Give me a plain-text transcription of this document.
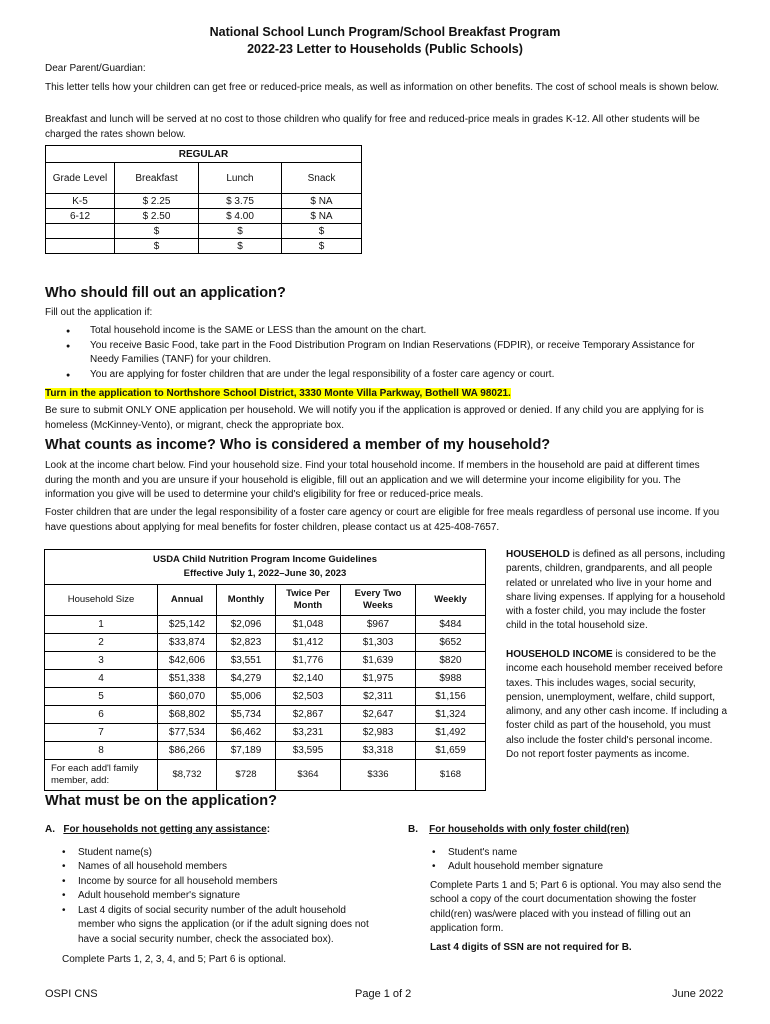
National School Lunch Program/School Breakfast Program
2022-23 Letter to Households (Public Schools)
Dear Parent/Guardian:
This letter tells how your children can get free or reduced-price meals, as well as information on other benefits. The cost of school meals is shown below.
Breakfast and lunch will be served at no cost to those children who qualify for free and reduced-price meals in grades K-12. All other students will be charged the rates shown below.
REGULAR			
Grade Level	Breakfast	Lunch	Snack
K-5	$ 2.25	$ 3.75	$ NA
6-12	$ 2.50	$ 4.00	$ NA
	$	$	$
	$	$	$
Who should fill out an application?
Fill out the application if:
● Total household income is the SAME or LESS than the amount on the chart.
● You receive Basic Food, take part in the Food Distribution Program on Indian Reservations (FDPIR), or receive Temporary Assistance for Needy Families (TANF) for your children.
● You are applying for foster children that are under the legal responsibility of a foster care agency or court.
Turn in the application to Northshore School District, 3330 Monte Villa Parkway, Bothell WA 98021.
Be sure to submit ONLY ONE application per household. We will notify you if the application is approved or denied. If any child you are applying for is homeless (McKinney-Vento), or migrant, check the appropriate box.
What counts as income? Who is considered a member of my household?
Look at the income chart below. Find your household size. Find your total household income. If members in the household are paid at different times during the month and you are unsure if your household is eligible, fill out an application and we will determine your income eligibility for you. The information you give will be used to determine your child's eligibility for free or reduced-price meals.
Foster children that are under the legal responsibility of a foster care agency or court are eligible for free meals regardless of personal use income. If you have questions about applying for meal benefits for foster children, please contact us at 425-408-7657.
USDA Child Nutrition Program Income Guidelines
Effective July 1, 2022–June 30, 2023					

Household Size	Annual	Monthly	Twice Per Month	Every Two Weeks	Weekly
1	$25,142	$2,096	$1,048	$967	$484
2	$33,874	$2,823	$1,412	$1,303	$652
3	$42,606	$3,551	$1,776	$1,639	$820
4	$51,338	$4,279	$2,140	$1,975	$988
5	$60,070	$5,006	$2,503	$2,311	$1,156
6	$68,802	$5,734	$2,867	$2,647	$1,324
7	$77,534	$6,462	$3,231	$2,983	$1,492
8	$86,266	$7,189	$3,595	$3,318	$1,659
For each add'l family member, add:	$8,732	$728	$364	$336	$168
HOUSEHOLD is defined as all persons, including parents, children, grandparents, and all people related or unrelated who live in your home and share living expenses. If applying for a household with a foster child, you may include the foster child in the total household size.
HOUSEHOLD INCOME is considered to be the income each household member received before taxes. This includes wages, social security, pension, unemployment, welfare, child support, alimony, and any other cash income. If including a foster child as part of the household, you must also include the foster child's personal income. Do not report foster payments as income.
What must be on the application?
A. For households not getting any assistance:
• Student name(s)
• Names of all household members
• Income by source for all household members
• Adult household member's signature
• Last 4 digits of social security number of the adult household member who signs the application (or if the adult signing does not have a social security number, check the associated box).
Complete Parts 1, 2, 3, 4, and 5; Part 6 is optional.
B. For households with only foster child(ren)
• Student's name
• Adult household member signature
Complete Parts 1 and 5; Part 6 is optional. You may also send the school a copy of the court documentation showing the foster child(ren) was/were placed with you instead of filling out an application form.
Last 4 digits of SSN are not required for B.
OSPI CNS	Page 1 of 2	June 2022
